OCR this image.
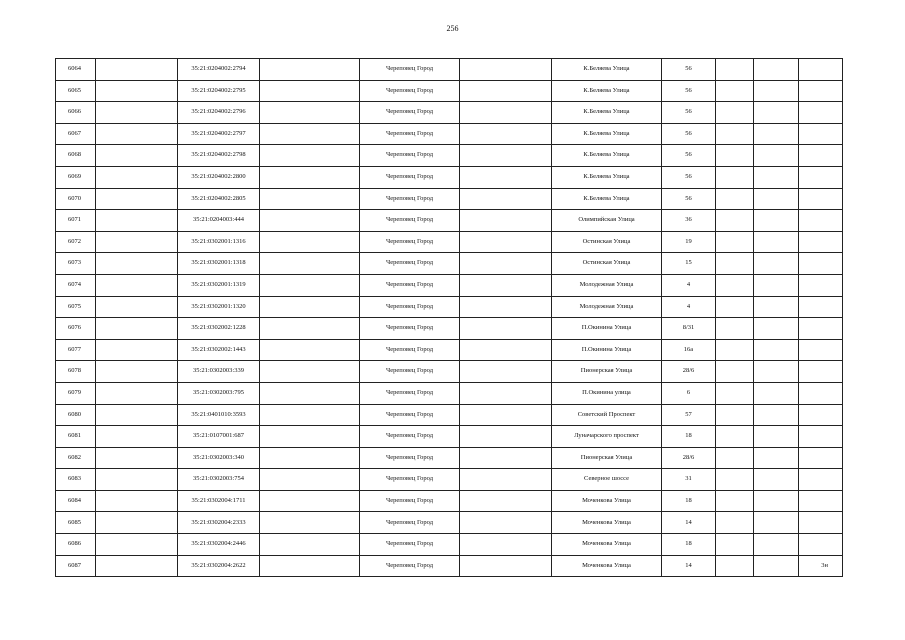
256
6064		35:21:0204002:2794		Череповец Город		К.Беляева Улица	56			
6065		35:21:0204002:2795		Череповец Город		К.Беляева Улица	56			
6066		35:21:0204002:2796		Череповец Город		К.Беляева Улица	56			
6067		35:21:0204002:2797		Череповец Город		К.Беляева Улица	56			
6068		35:21:0204002:2798		Череповец Город		К.Беляева Улица	56			
6069		35:21:0204002:2800		Череповец Город		К.Беляева Улица	56			
6070		35:21:0204002:2805		Череповец Город		К.Беляева Улица	56			
6071		35:21:0204003:444		Череповец Город		Олимпийская Улица	36			
6072		35:21:0302001:1316		Череповец Город		Остинская Улица	19			
6073		35:21:0302001:1318		Череповец Город		Остинская Улица	15			
6074		35:21:0302001:1319		Череповец Город		Молодежная Улица	4			
6075		35:21:0302001:1320		Череповец Город		Молодежная Улица	4			
6076		35:21:0302002:1228		Череповец Город		П.Окинина Улица	8/31			
6077		35:21:0302002:1443		Череповец Город		П.Окинина Улица	16а			
6078		35:21:0302003:339		Череповец Город		Пионерская Улица	28/6			
6079		35:21:0302003:795		Череповец Город		П.Окинина улица	6			
6080		35:21:0401010:3593		Череповец Город		Советский Проспект	57			
6081		35:21:0107001:687		Череповец Город		Луначарского проспект	18			
6082		35:21:0302003:340		Череповец Город		Пионерская Улица	28/6			
6083		35:21:0302003:754		Череповец Город		Северное шоссе	31			
6084		35:21:0302004:1711		Череповец Город		Моченкова Улица	18			
6085		35:21:0302004:2333		Череповец Город		Моченкова Улица	14			
6086		35:21:0302004:2446		Череповец Город		Моченкова Улица	18			
6087		35:21:0302004:2622		Череповец Город		Моченкова Улица	14			3н
